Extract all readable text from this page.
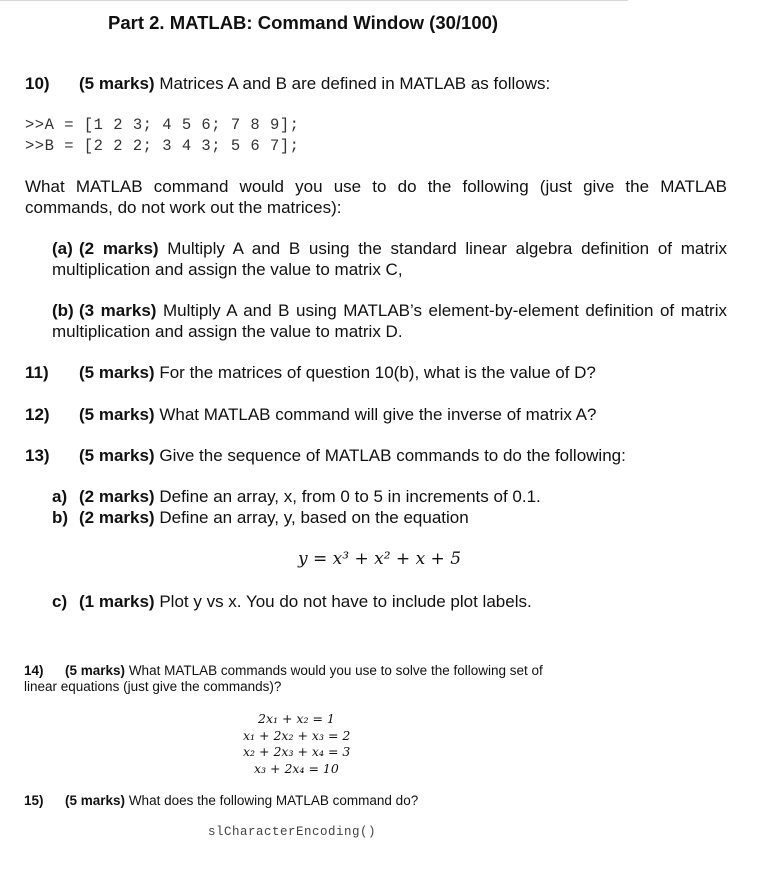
Part 2. MATLAB: Command Window (30/100)
10) (5 marks) Matrices A and B are defined in MATLAB as follows:
>>A = [1 2 3; 4 5 6; 7 8 9];
>>B = [2 2 2; 3 4 3; 5 6 7];
What MATLAB command would you use to do the following (just give the MATLAB commands, do not work out the matrices):
(a) (2 marks) Multiply A and B using the standard linear algebra definition of matrix multiplication and assign the value to matrix C,
(b) (3 marks) Multiply A and B using MATLAB’s element-by-element definition of matrix multiplication and assign the value to matrix D.
11) (5 marks) For the matrices of question 10(b), what is the value of D?
12) (5 marks) What MATLAB command will give the inverse of matrix A?
13) (5 marks) Give the sequence of MATLAB commands to do the following:
a) (2 marks) Define an array, x, from 0 to 5 in increments of 0.1.
b) (2 marks) Define an array, y, based on the equation
y = x³ + x² + x + 5
c) (1 marks) Plot y vs x. You do not have to include plot labels.
14) (5 marks) What MATLAB commands would you use to solve the following set of linear equations (just give the commands)?
2x₁ + x₂ = 1
x₁ + 2x₂ + x₃ = 2
x₂ + 2x₃ + x₄ = 3
x₃ + 2x₄ = 10
15) (5 marks) What does the following MATLAB command do?
slCharacterEncoding()
